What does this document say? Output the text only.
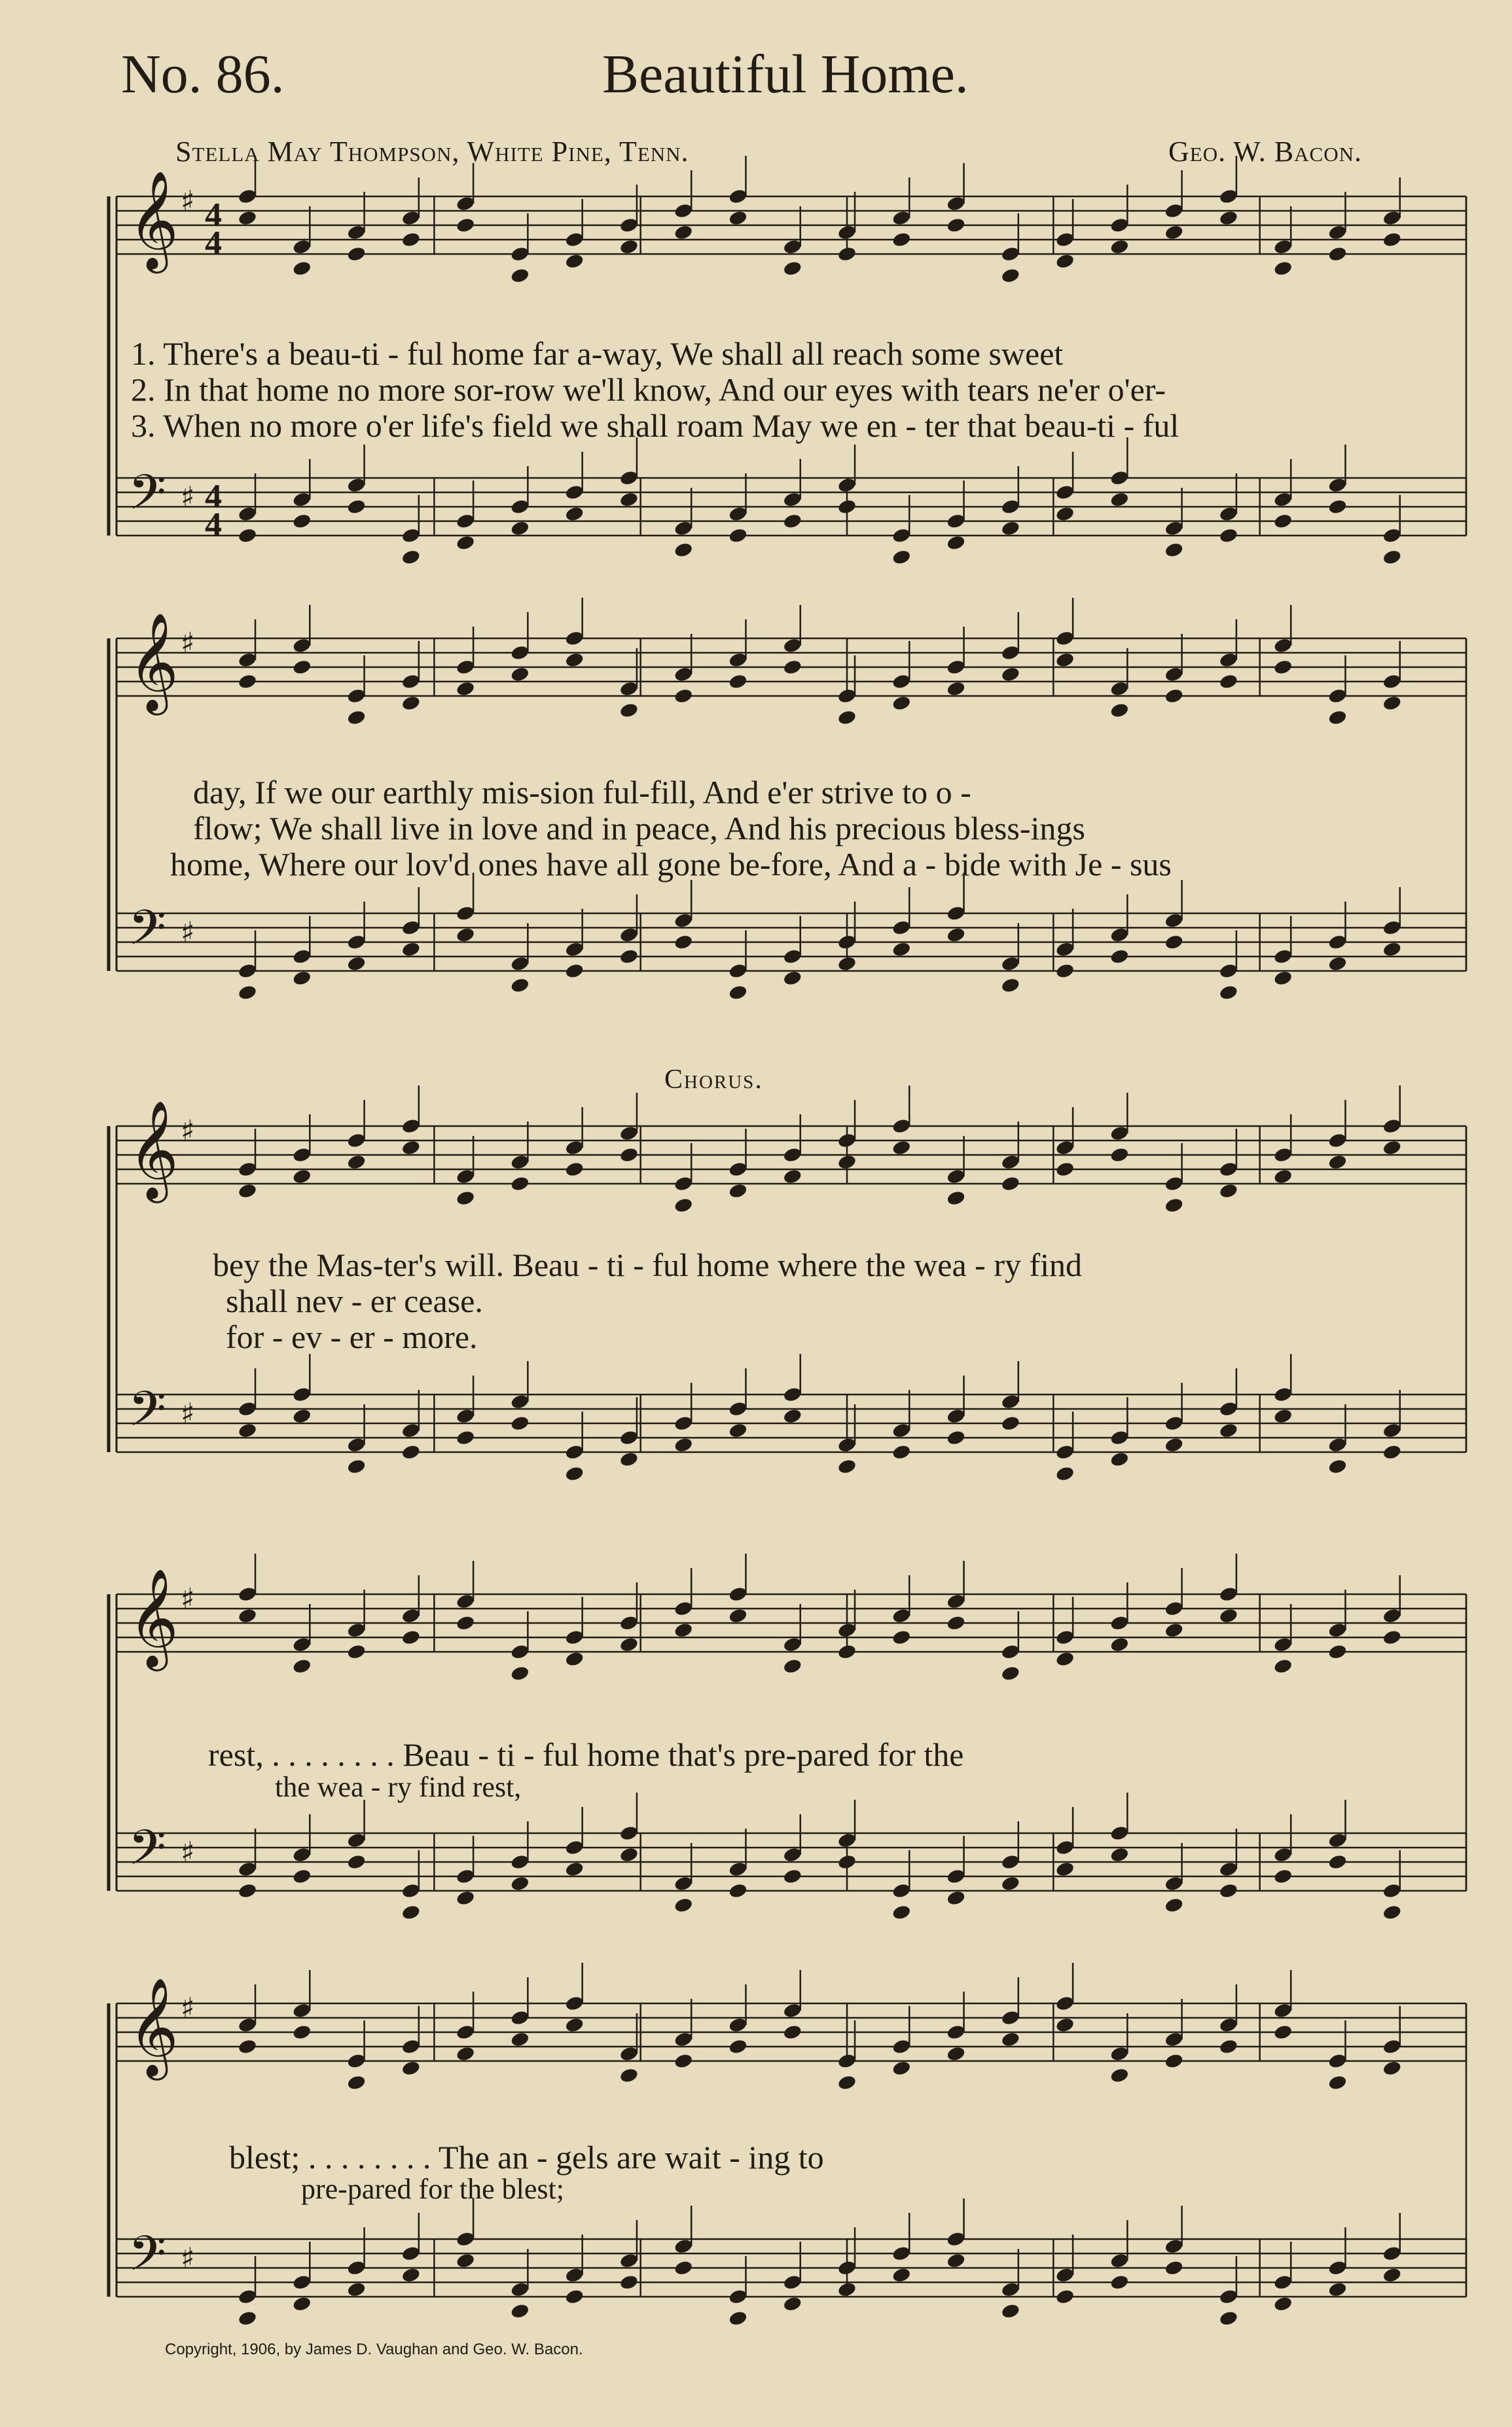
No. 86.	Beautiful Home.
Stella May Thompson, White Pine, Tenn.	Geo. W. Bacon.
𝄞 ♯ 4
4
𝄢 ♯ 4
4
𝄞 ♯
𝄢 ♯
𝄞 ♯
𝄢 ♯
𝄞 ♯
𝄢 ♯
𝄞 ♯
𝄢 ♯
Chorus.
1. There's a beau-ti - ful home far a-way, We shall all reach some sweet
2. In that home no more sor-row we'll know, And our eyes with tears ne'er o'er-
3. When no more o'er life's field we shall roam May we en - ter that beau-ti - ful
day, If we our earthly mis-sion ful-fill, And e'er strive to o -
flow; We shall live in love and in peace, And his precious bless-ings
home, Where our lov'd ones have all gone be-fore, And a - bide with Je - sus
bey the Mas-ter's will. Beau - ti - ful home where the wea - ry find
shall nev - er cease.
for - ev - er - more.
rest, . . . . . . . . Beau - ti - ful home that's pre-pared for the
the wea - ry find rest,
blest; . . . . . . . . The an - gels are wait - ing to
pre-pared for the blest;
Copyright, 1906, by James D. Vaughan and Geo. W. Bacon.
